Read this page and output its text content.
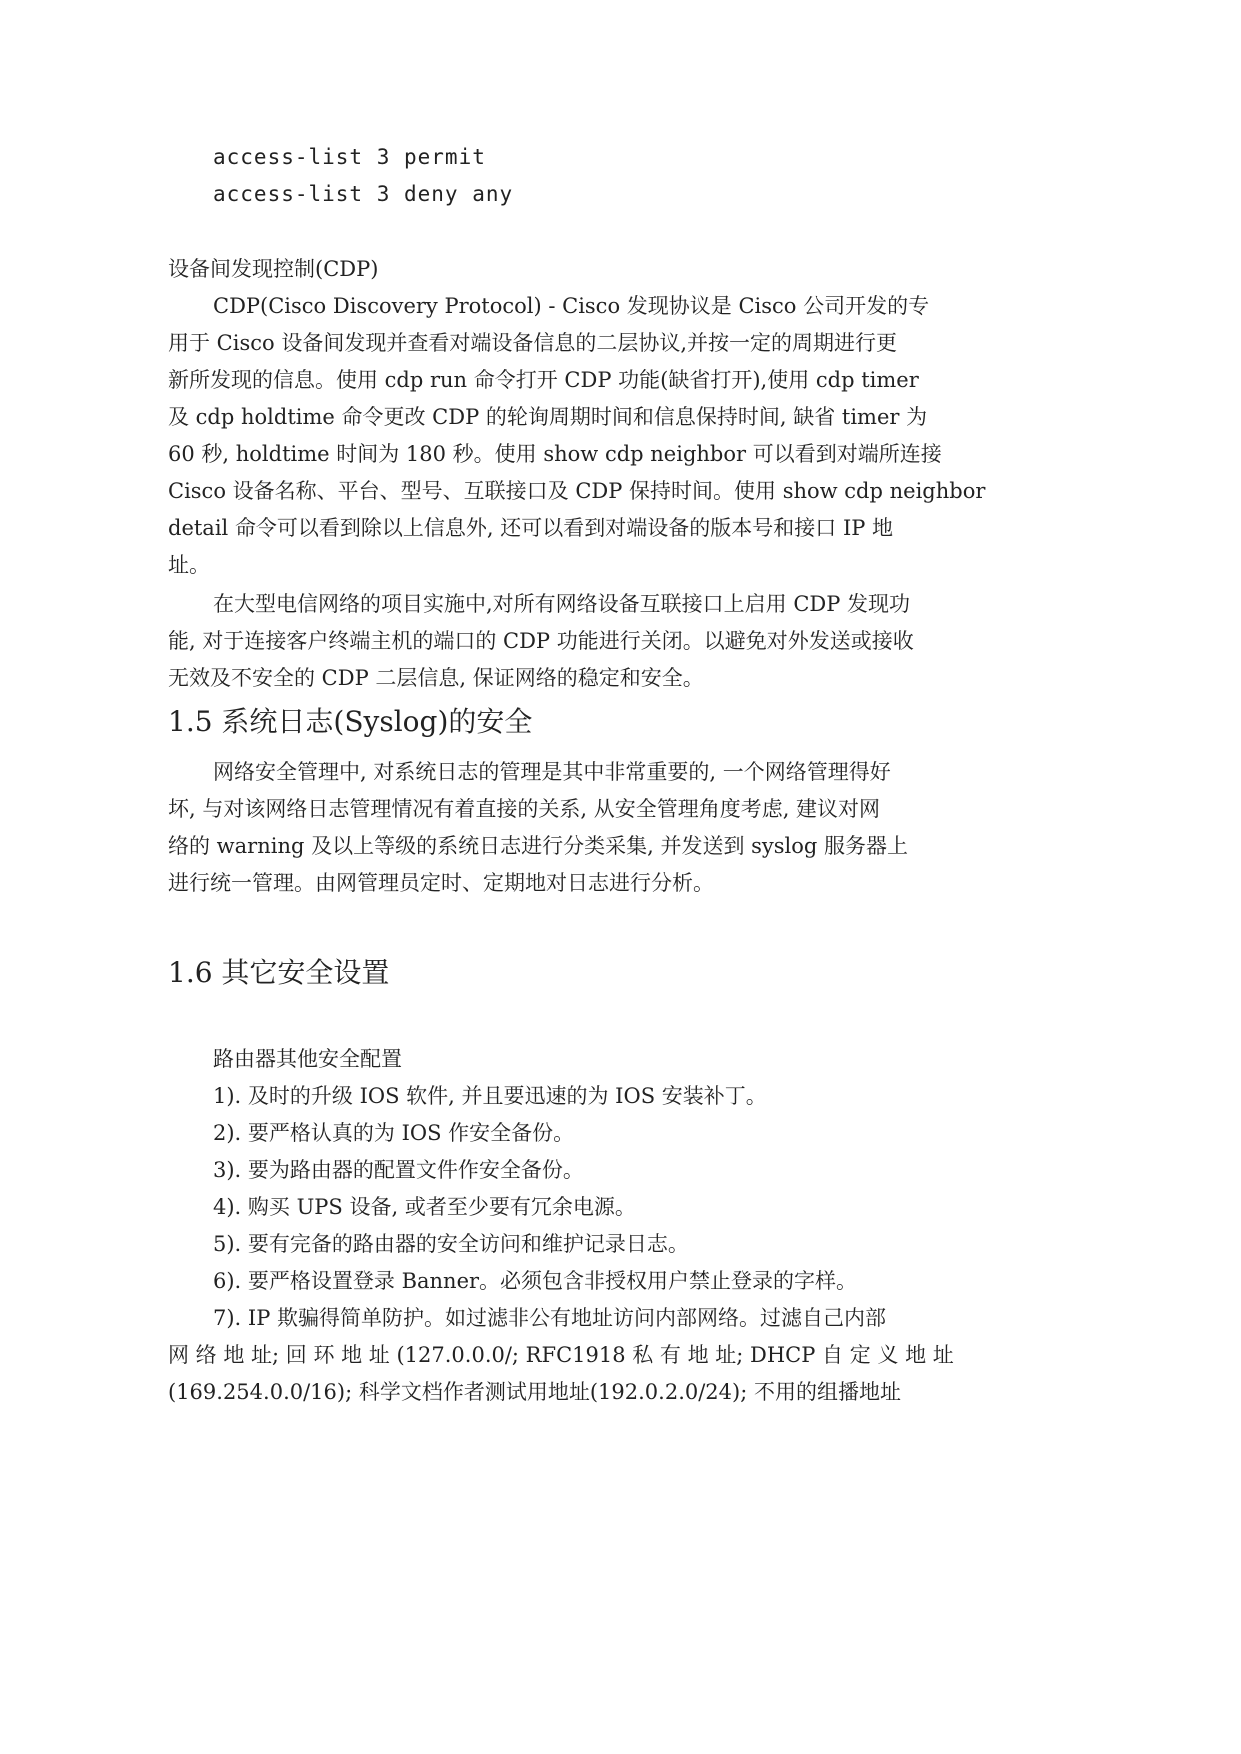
access-list 3 permit
access-list 3 deny any
设备间发现控制(CDP)
CDP(Cisco Discovery Protocol) - Cisco 发现协议是 Cisco 公司开发的专
用于 Cisco 设备间发现并查看对端设备信息的二层协议,并按一定的周期进行更
新所发现的信息。使用 cdp run 命令打开 CDP 功能(缺省打开),使用 cdp timer
及 cdp holdtime 命令更改 CDP 的轮询周期时间和信息保持时间, 缺省 timer 为
60 秒, holdtime 时间为 180 秒。使用 show cdp neighbor 可以看到对端所连接
Cisco 设备名称、平台、型号、互联接口及 CDP 保持时间。使用 show cdp neighbor
detail 命令可以看到除以上信息外, 还可以看到对端设备的版本号和接口 IP 地
址。
在大型电信网络的项目实施中,对所有网络设备互联接口上启用 CDP 发现功
能, 对于连接客户终端主机的端口的 CDP 功能进行关闭。以避免对外发送或接收
无效及不安全的 CDP 二层信息, 保证网络的稳定和安全。
1.5 系统日志(Syslog)的安全
网络安全管理中, 对系统日志的管理是其中非常重要的, 一个网络管理得好
坏, 与对该网络日志管理情况有着直接的关系, 从安全管理角度考虑, 建议对网
络的 warning 及以上等级的系统日志进行分类采集, 并发送到 syslog 服务器上
进行统一管理。由网管理员定时、定期地对日志进行分析。
1.6 其它安全设置
路由器其他安全配置
1). 及时的升级 IOS 软件, 并且要迅速的为 IOS 安装补丁。
2). 要严格认真的为 IOS 作安全备份。
3). 要为路由器的配置文件作安全备份。
4). 购买 UPS 设备, 或者至少要有冗余电源。
5). 要有完备的路由器的安全访问和维护记录日志。
6). 要严格设置登录 Banner。必须包含非授权用户禁止登录的字样。
7). IP 欺骗得简单防护。如过滤非公有地址访问内部网络。过滤自己内部
网 络 地 址; 回 环 地 址 (127.0.0.0/; RFC1918 私 有 地 址; DHCP 自 定 义 地 址
(169.254.0.0/16); 科学文档作者测试用地址(192.0.2.0/24); 不用的组播地址
